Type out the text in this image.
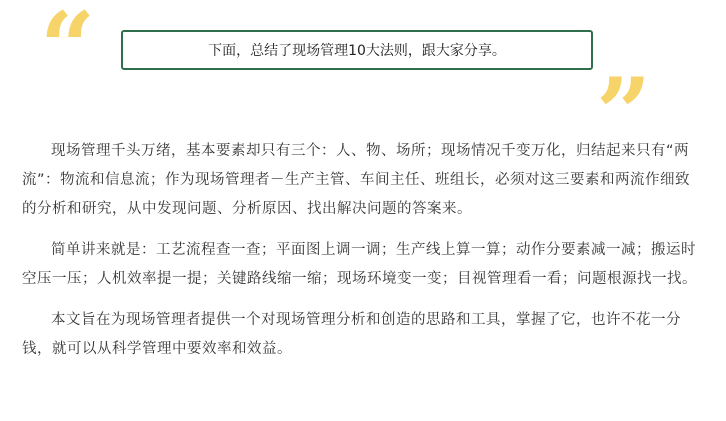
“	下面，总结了现场管理10大法则，跟大家分享。
”

现场管理千头万绪，基本要素却只有三个：人、物、场所；现场情况千变万化，归结起来只有“两流”：物流和信息流；作为现场管理者－生产主管、车间主任、班组长，必须对这三要素和两流作细致的分析和研究，从中发现问题、分析原因、找出解决问题的答案来。

简单讲来就是：工艺流程查一查；平面图上调一调；生产线上算一算；动作分要素减一减；搬运时空压一压；人机效率提一提；关键路线缩一缩；现场环境变一变；目视管理看一看；问题根源找一找。

本文旨在为现场管理者提供一个对现场管理分析和创造的思路和工具，掌握了它，也许不花一分钱，就可以从科学管理中要效率和效益。
